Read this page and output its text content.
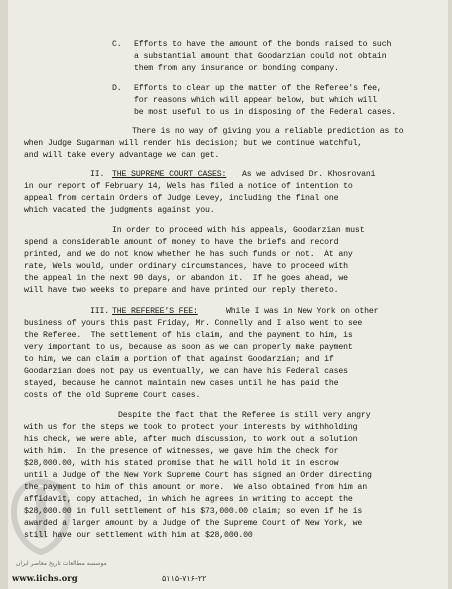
C. Efforts to have the amount of the bonds raised to such
a substantial amount that Goodarzian could not obtain
them from any insurance or bonding company.
D. Efforts to clear up the matter of the Referee's fee,
for reasons which will appear below, but which will
be most useful to us in disposing of the Federal cases.
There is no way of giving you a reliable prediction as to
when Judge Sugarman will render his decision; but we continue watchful,
and will take every advantage we can get.
II. THE SUPREME COURT CASES: As we advised Dr. Khosrovani
in our report of February 14, Wels has filed a notice of intention to
appeal from certain Orders of Judge Levey, including the final one
which vacated the judgments against you.
In order to proceed with his appeals, Goodarzian must
spend a considerable amount of money to have the briefs and record
printed, and we do not know whether he has such funds or not.  At any
rate, Wels would, under ordinary circumstances, have to proceed with
the appeal in the next 90 days, or abandon it.  If he goes ahead, we
will have two weeks to prepare and have printed our reply thereto.
III. THE REFEREE'S FEE:	While I was in New York on other
business of yours this past Friday, Mr. Connelly and I also went to see
the Referee.  The settlement of his claim, and the payment to him, is
very important to us, because as soon as we can properly make payment
to him, we can claim a portion of that against Goodarzian; and if
Goodarzian does not pay us eventually, we can have his Federal cases
stayed, because he cannot maintain new cases until he has paid the
costs of the old Supreme Court cases.
Despite the fact that the Referee is still very angry
with us for the steps we took to protect your interests by withholding
his check, we were able, after much discussion, to work out a solution
with him.  In the presence of witnesses, we gave him the check for
$28,000.00, with his stated promise that he will hold it in escrow
until a Judge of the New York Supreme Court has signed an Order directing
the payment to him of this amount or more.  We also obtained from him an
affidavit, copy attached, in which he agrees in writing to accept the
$28,000.00 in full settlement of his $73,000.00 claim; so even if he is
awarded a larger amount by a Judge of the Supreme Court of New York, we
still have our settlement with him at $28,000.00
موسسه مطالعات تاریخ معاصر ایران
www.iichs.org	۵۱۱۵-۷۱۶-۲۲
